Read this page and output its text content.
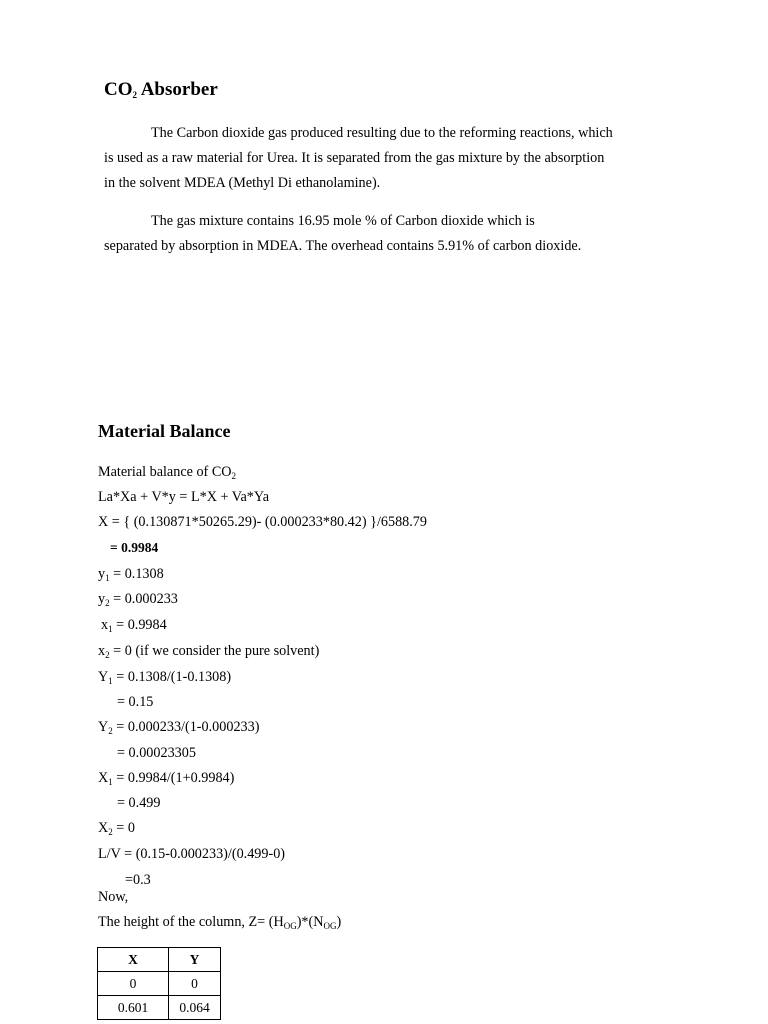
$CO_2$ Absorber
The Carbon dioxide gas produced resulting due to the reforming reactions, which
is used as a raw material for Urea. It is separated from the gas mixture by the absorption
in the solvent MDEA (Methyl Di ethanolamine).
The gas mixture contains 16.95 mole % of Carbon dioxide which is
separated by absorption in MDEA. The overhead contains 5.91% of carbon dioxide.
Material Balance
Material balance of $CO_2$
La*Xa + V*y = L*X + Va*Ya
X = { (0.130871*50265.29)- (0.000233*80.42) }/6588.79
= 0.9984
$y_1 = 0.1308$
$y_2 = 0.000233$
$x_1 = 0.9984$
$x_2 = 0$ (if we consider the pure solvent)
$Y_1 = 0.1308/(1-0.1308)$
= 0.15
$Y_2 = 0.000233/(1-0.000233)$
= 0.00023305
$X_1 = 0.9984/(1+0.9984)$
= 0.499
$X_2 = 0$
L/V = (0.15-0.000233)/(0.499-0)
=0.3
Now,
The height of the column, $Z= (H_{OG})*(N_{OG})$
X	Y
0	0
0.601	0.064
